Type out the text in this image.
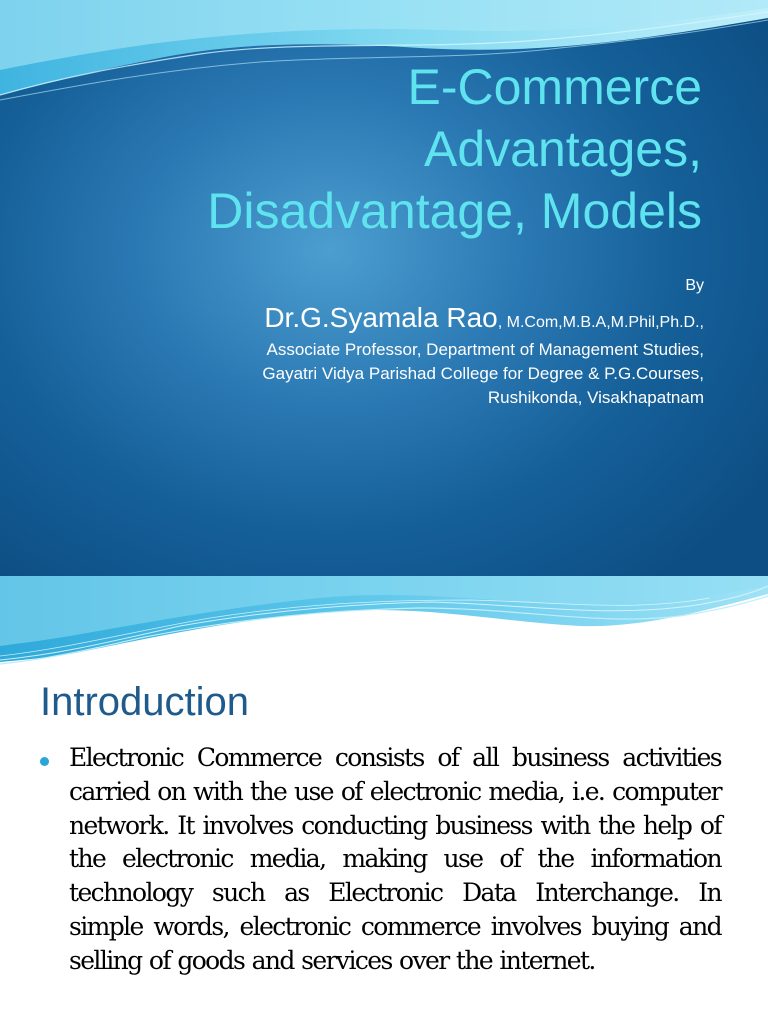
E-Commerce
Advantages,
Disadvantage, Models
By
Dr.G.Syamala Rao, M.Com,M.B.A,M.Phil,Ph.D.,
Associate Professor, Department of Management Studies,
Gayatri Vidya Parishad College for Degree & P.G.Courses,
Rushikonda, Visakhapatnam
Introduction

Electronic Commerce consists of all business activities carried on with the use of electronic media, i.e. computer network. It involves conducting business with the help of the electronic media, making use of the information technology such as Electronic Data Interchange. In simple words, electronic commerce involves buying and selling of goods and services over the internet.
